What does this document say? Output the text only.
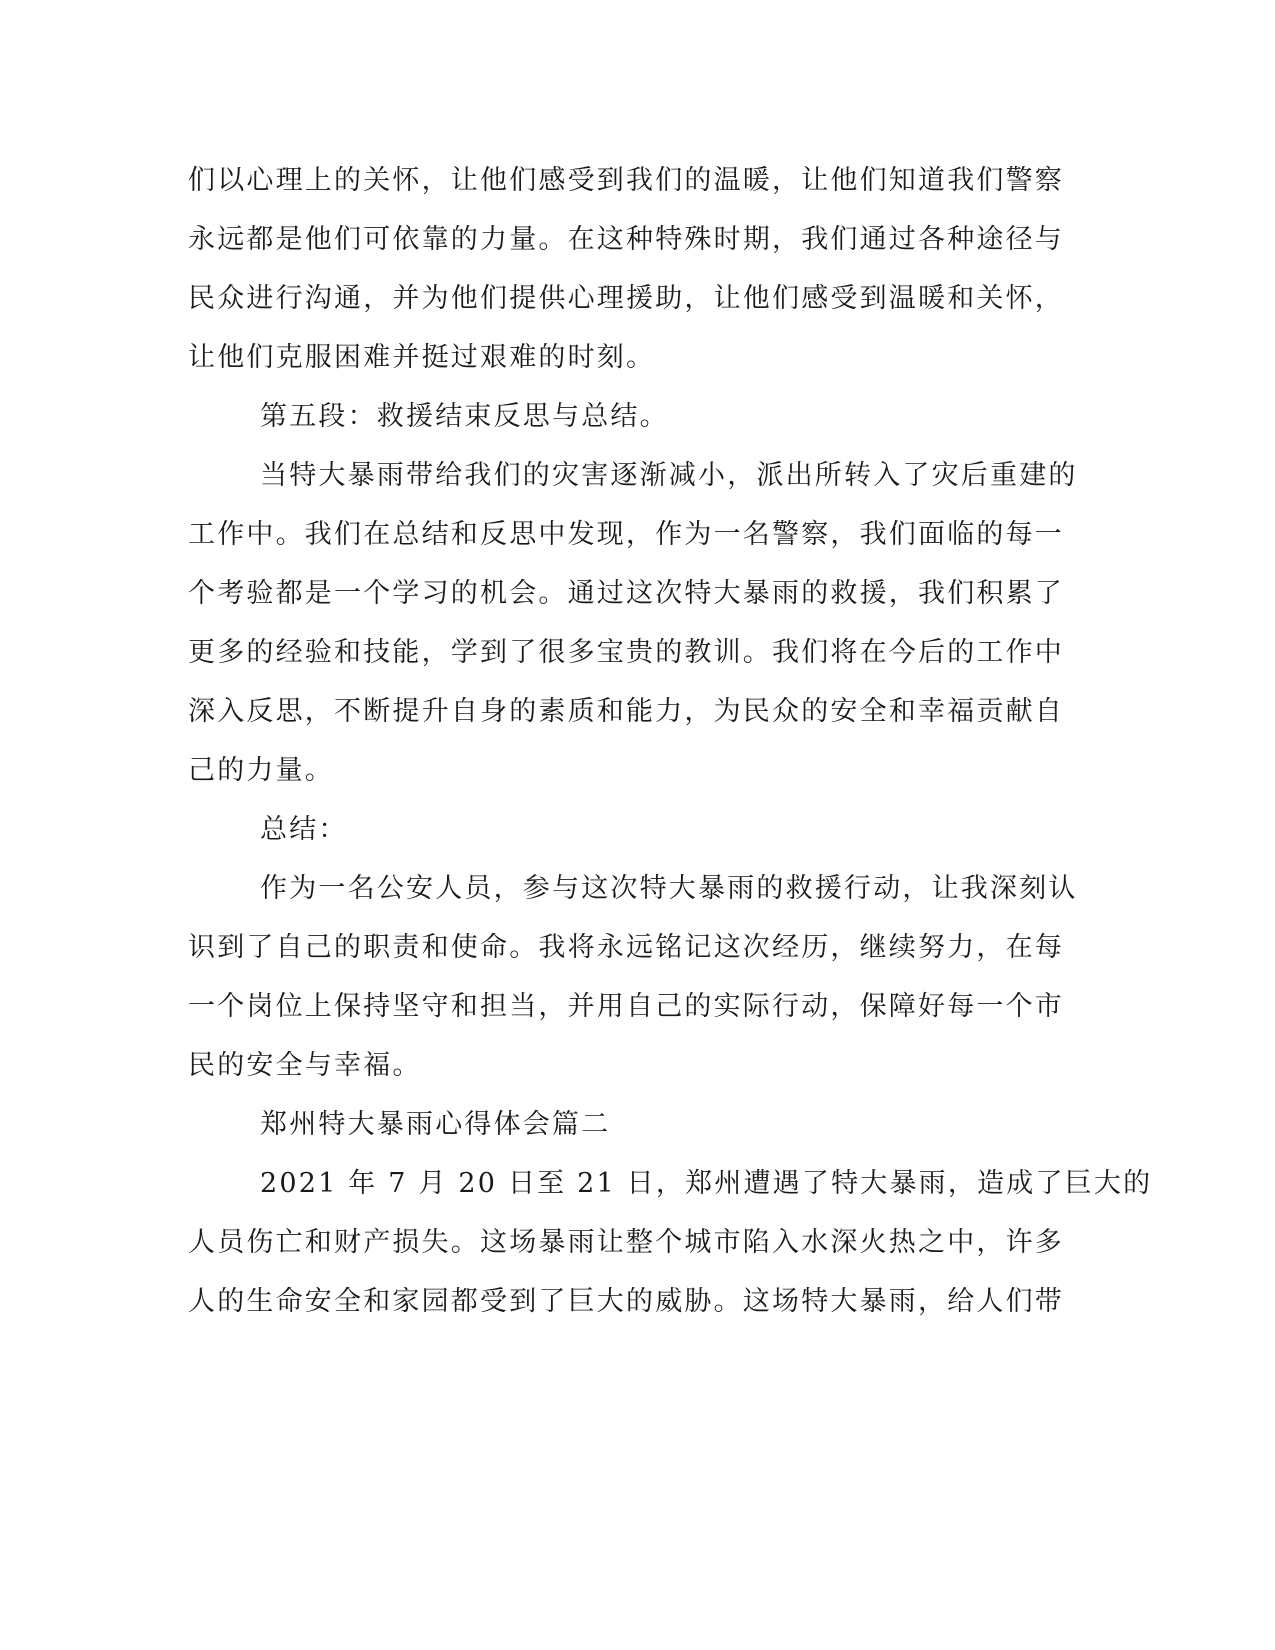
们以心理上的关怀，让他们感受到我们的温暖，让他们知道我们警察
永远都是他们可依靠的力量。在这种特殊时期，我们通过各种途径与
民众进行沟通，并为他们提供心理援助，让他们感受到温暖和关怀，
让他们克服困难并挺过艰难的时刻。
第五段：救援结束反思与总结。
当特大暴雨带给我们的灾害逐渐减小，派出所转入了灾后重建的
工作中。我们在总结和反思中发现，作为一名警察，我们面临的每一
个考验都是一个学习的机会。通过这次特大暴雨的救援，我们积累了
更多的经验和技能，学到了很多宝贵的教训。我们将在今后的工作中
深入反思，不断提升自身的素质和能力，为民众的安全和幸福贡献自
己的力量。
总结：
作为一名公安人员，参与这次特大暴雨的救援行动，让我深刻认
识到了自己的职责和使命。我将永远铭记这次经历，继续努力，在每
一个岗位上保持坚守和担当，并用自己的实际行动，保障好每一个市
民的安全与幸福。
郑州特大暴雨心得体会篇二
2021 年 7 月 20 日至 21 日，郑州遭遇了特大暴雨，造成了巨大的
人员伤亡和财产损失。这场暴雨让整个城市陷入水深火热之中，许多
人的生命安全和家园都受到了巨大的威胁。这场特大暴雨，给人们带
